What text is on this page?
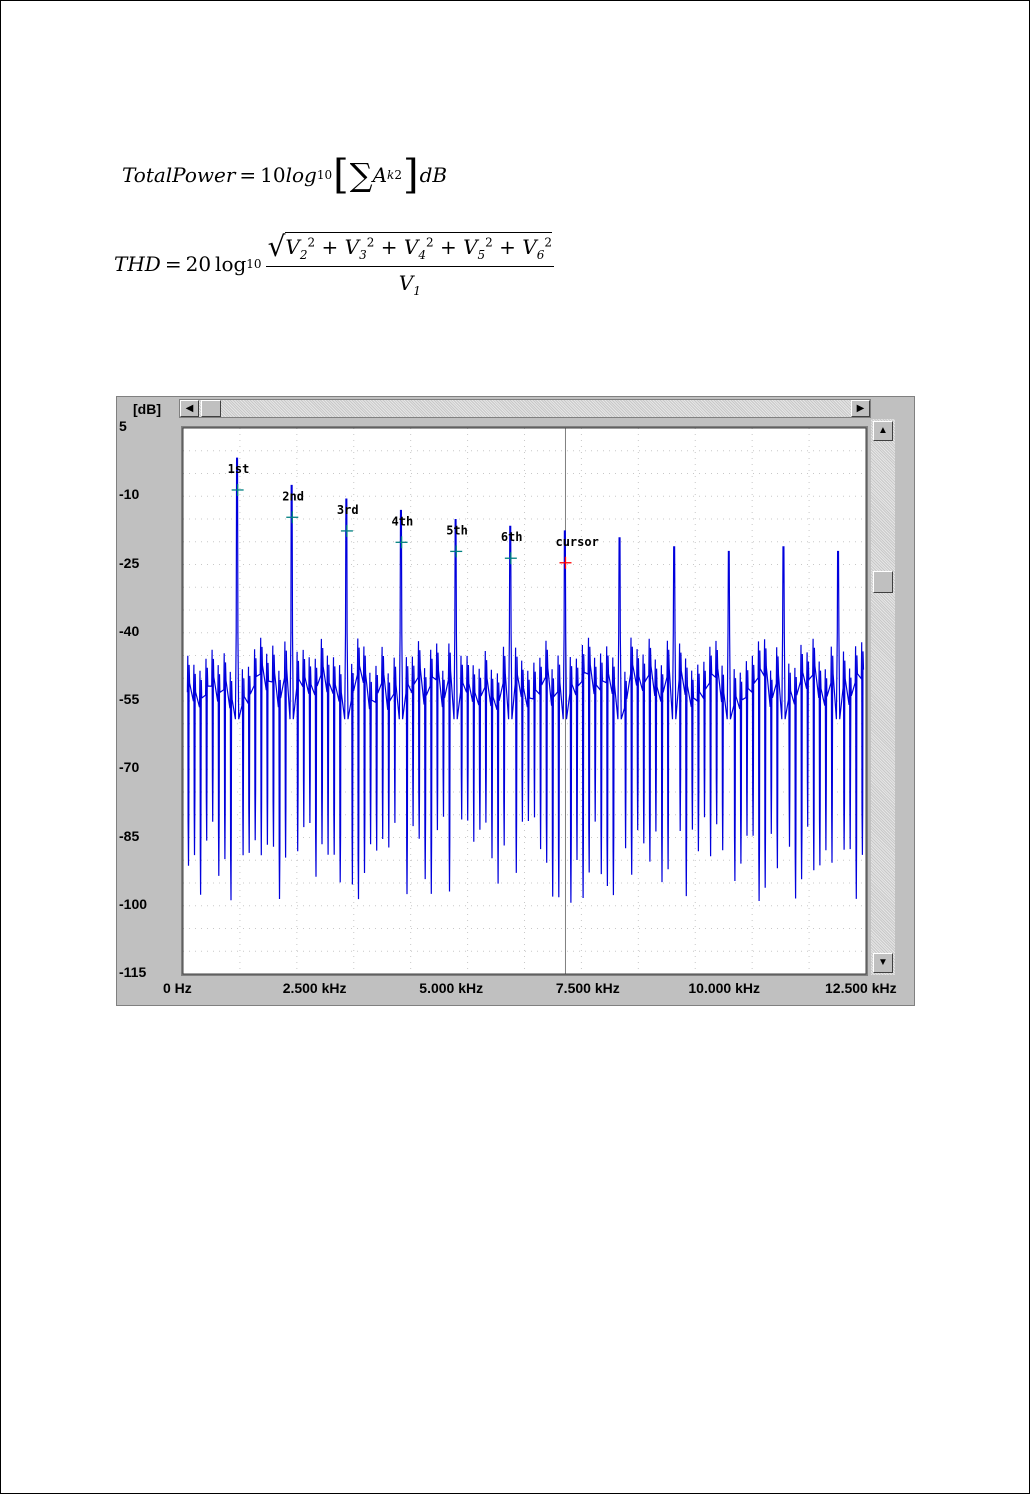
TotalPower = 10 log 10 [ ∑ A k 2 ] dB
THD = 20 log 10
√ $V_2^2 + V_3^2 + V_4^2 + V_5^2 + V_6^2$
$V_1$
[dB] ◀	▶
▲
▼
1st
2nd
3rd
4th
5th	6th	cursor
5
-10
-25
-40
-55
-70
-85
-100
-115
0 Hz	2.500 kHz	5.000 kHz	7.500 kHz	10.000 kHz	12.500 kHz
